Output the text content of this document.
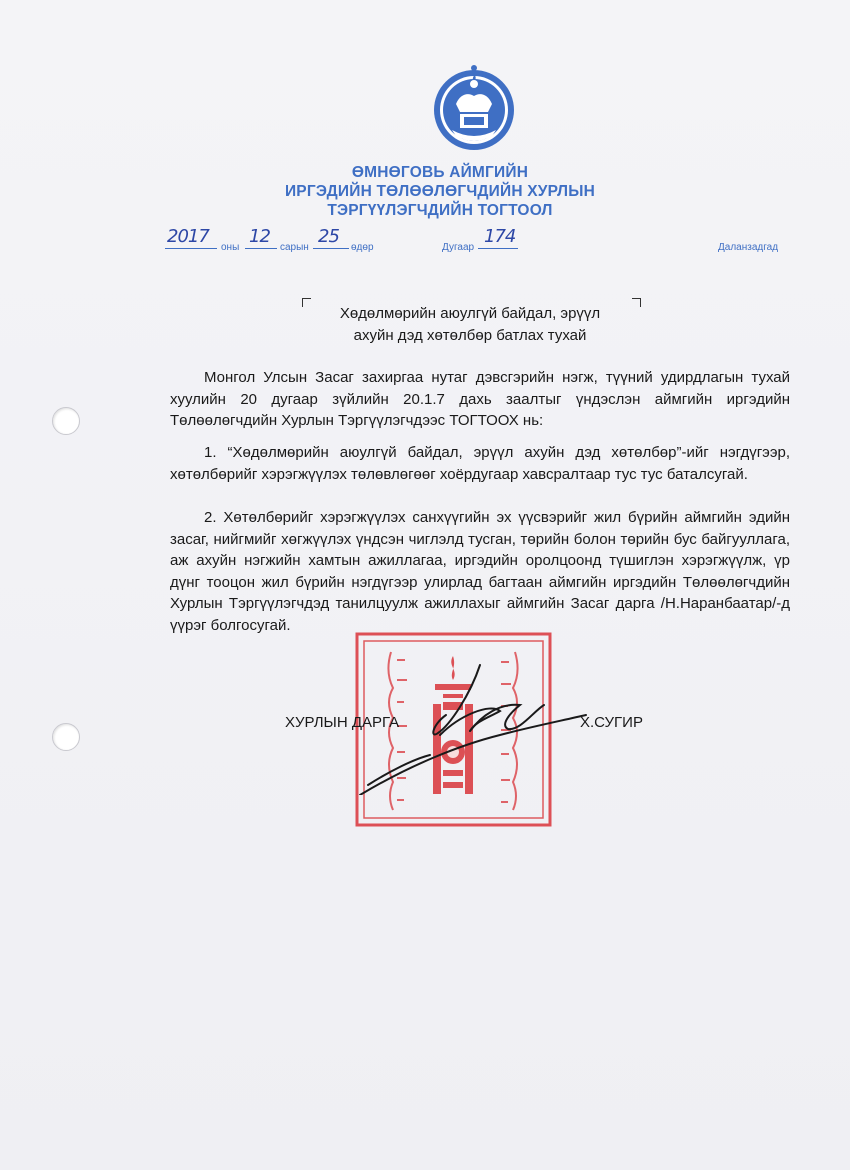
ӨМНӨГОВЬ АЙМГИЙН
ИРГЭДИЙН ТӨЛӨӨЛӨГЧДИЙН ХУРЛЫН
ТЭРГҮҮЛЭГЧДИЙН ТОГТООЛ
2017
оны
12
сарын
25
өдөр	Дугаар
174
Даланзадгад
Хөдөлмөрийн аюулгүй байдал, эрүүл
ахуйн дэд хөтөлбөр батлах тухай
Монгол Улсын Засаг захиргаа нутаг дэвсгэрийн нэгж, түүний удирдлагын тухай хуулийн 20 дугаар зүйлийн 20.1.7 дахь заалтыг үндэслэн аймгийн иргэдийн Төлөөлөгчдийн Хурлын Тэргүүлэгчдээс ТОГТООХ нь:
1. “Хөдөлмөрийн аюулгүй байдал, эрүүл ахуйн дэд хөтөлбөр”-ийг нэгдүгээр, хөтөлбөрийг хэрэгжүүлэх төлөвлөгөөг хоёрдугаар хавсралтаар тус тус баталсугай.
2. Хөтөлбөрийг хэрэгжүүлэх санхүүгийн эх үүсвэрийг жил бүрийн аймгийн эдийн засаг, нийгмийг хөгжүүлэх үндсэн чиглэлд тусган, төрийн болон төрийн бус байгууллага, аж ахуйн нэгжийн хамтын ажиллагаа, иргэдийн оролцоонд түшиглэн хэрэгжүүлж, үр дүнг тооцон жил бүрийн нэгдүгээр улирлад багтаан аймгийн иргэдийн Төлөөлөгчдийн Хурлын Тэргүүлэгчдэд танилцуулж ажиллахыг аймгийн Засаг дарга /Н.Наранбаатар/-д үүрэг болгосугай.
ХУРЛЫН ДАРГА	Х.СУГИР
